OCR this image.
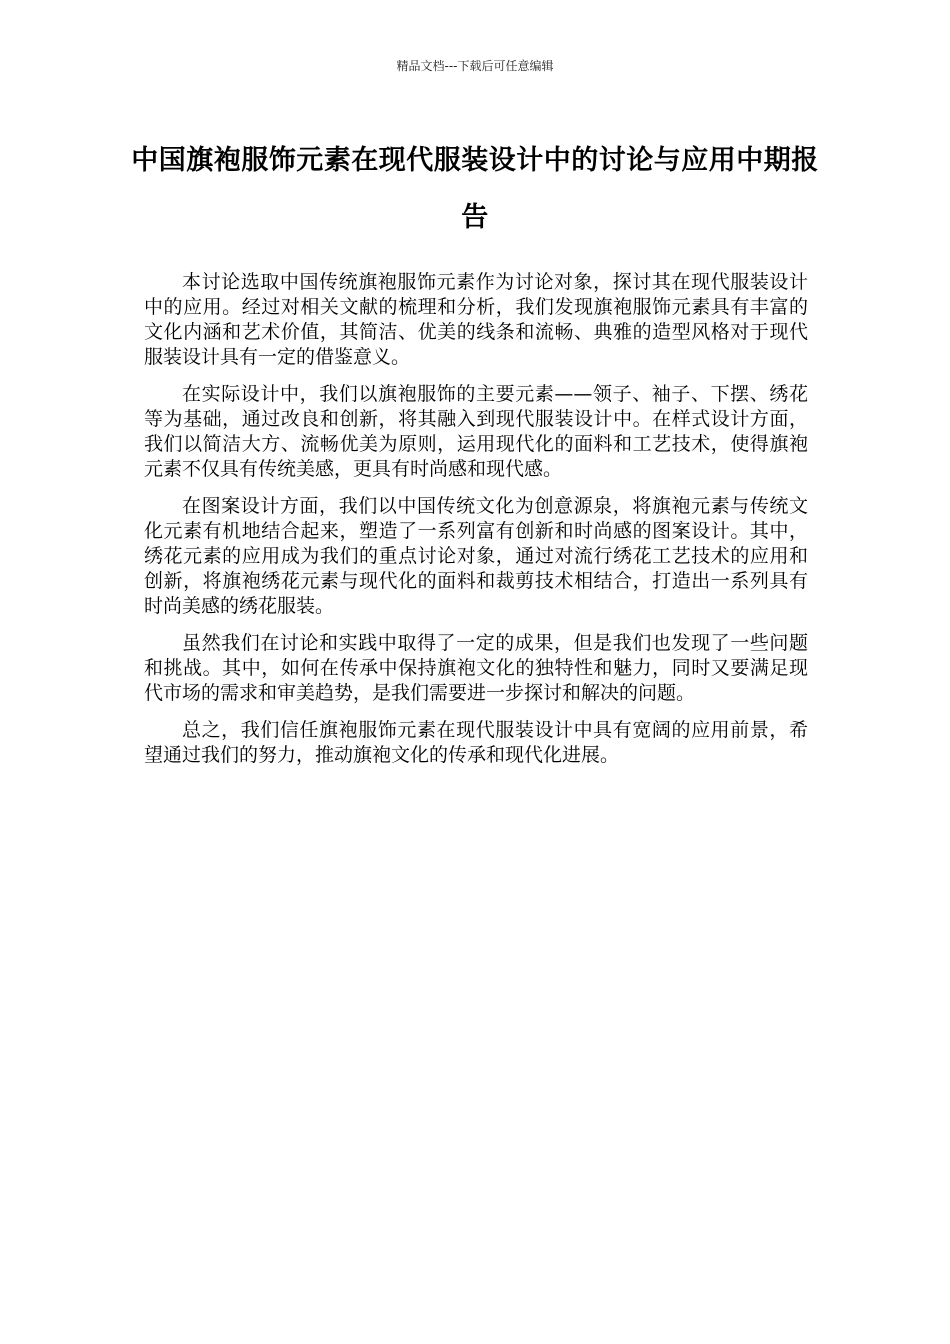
精品文档---下载后可任意编辑
中国旗袍服饰元素在现代服装设计中的讨论与应用中期报告

本讨论选取中国传统旗袍服饰元素作为讨论对象，探讨其在现代服装设计中的应用。经过对相关文献的梳理和分析，我们发现旗袍服饰元素具有丰富的文化内涵和艺术价值，其简洁、优美的线条和流畅、典雅的造型风格对于现代服装设计具有一定的借鉴意义。

在实际设计中，我们以旗袍服饰的主要元素——领子、袖子、下摆、绣花等为基础，通过改良和创新，将其融入到现代服装设计中。在样式设计方面，我们以简洁大方、流畅优美为原则，运用现代化的面料和工艺技术，使得旗袍元素不仅具有传统美感，更具有时尚感和现代感。

在图案设计方面，我们以中国传统文化为创意源泉，将旗袍元素与传统文化元素有机地结合起来，塑造了一系列富有创新和时尚感的图案设计。其中，绣花元素的应用成为我们的重点讨论对象，通过对流行绣花工艺技术的应用和创新，将旗袍绣花元素与现代化的面料和裁剪技术相结合，打造出一系列具有时尚美感的绣花服装。

虽然我们在讨论和实践中取得了一定的成果，但是我们也发现了一些问题和挑战。其中，如何在传承中保持旗袍文化的独特性和魅力，同时又要满足现代市场的需求和审美趋势，是我们需要进一步探讨和解决的问题。

总之，我们信任旗袍服饰元素在现代服装设计中具有宽阔的应用前景，希望通过我们的努力，推动旗袍文化的传承和现代化进展。
